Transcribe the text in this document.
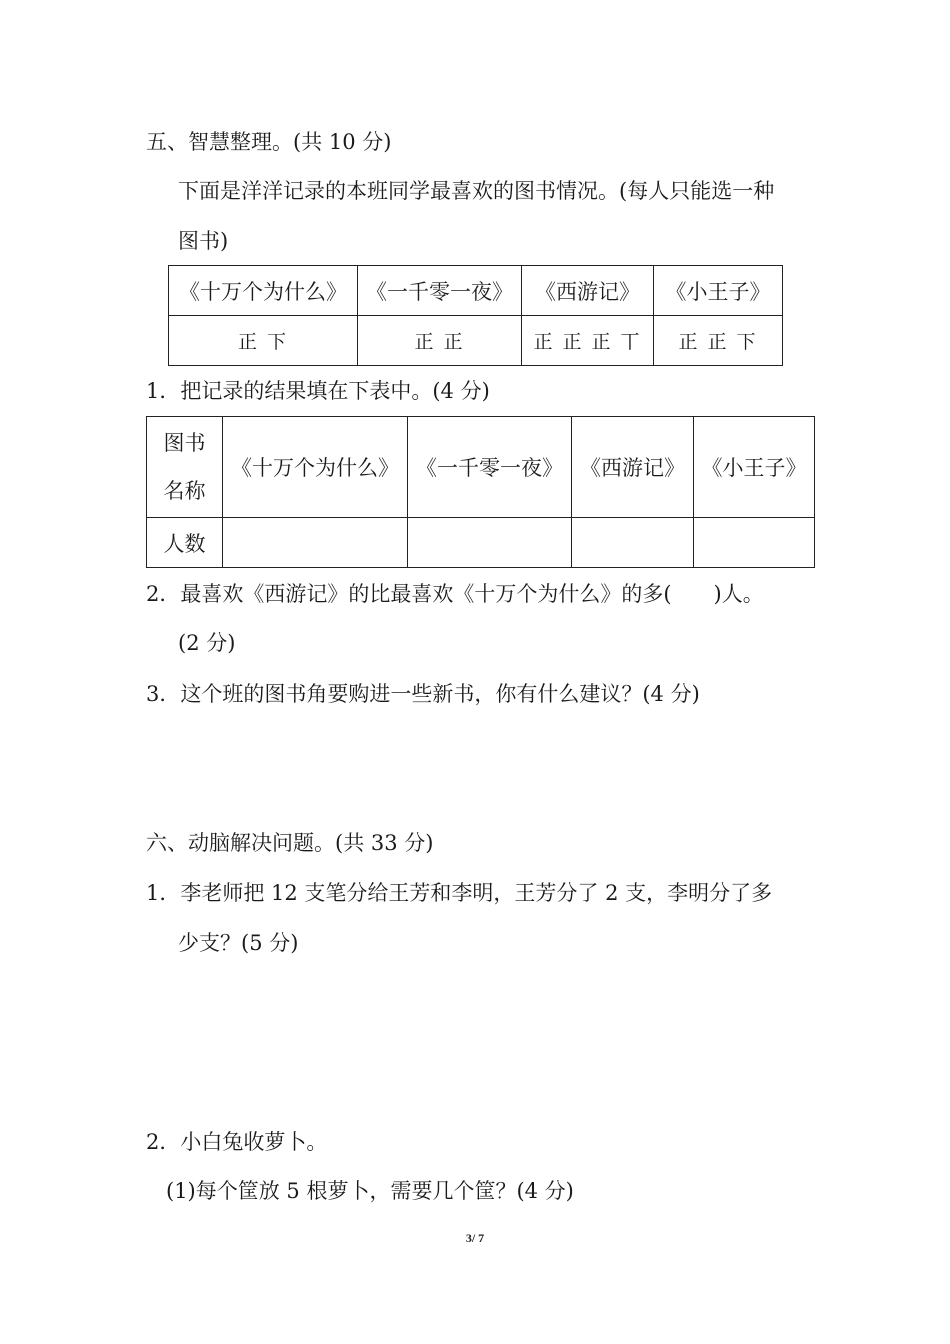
五、智慧整理。(共 10 分)
下面是洋洋记录的本班同学最喜欢的图书情况。(每人只能选一种
图书)
《十万个为什么》	《一千零一夜》	《西游记》	《小王子》
正 下	正 正	正 正 正 丅	正 正 下
1．把记录的结果填在下表中。(4 分)
图书
名称	《十万个为什么》	《一千零一夜》	《西游记》	《小王子》
人数				
2．最喜欢《西游记》的比最喜欢《十万个为什么》的多(　　)人。
(2 分)
3．这个班的图书角要购进一些新书，你有什么建议？(4 分)
六、动脑解决问题。(共 33 分)
1．李老师把 12 支笔分给王芳和李明，王芳分了 2 支，李明分了多
少支？(5 分)
2．小白兔收萝卜。
(1)每个筐放 5 根萝卜，需要几个筐？(4 分)
3/ 7
